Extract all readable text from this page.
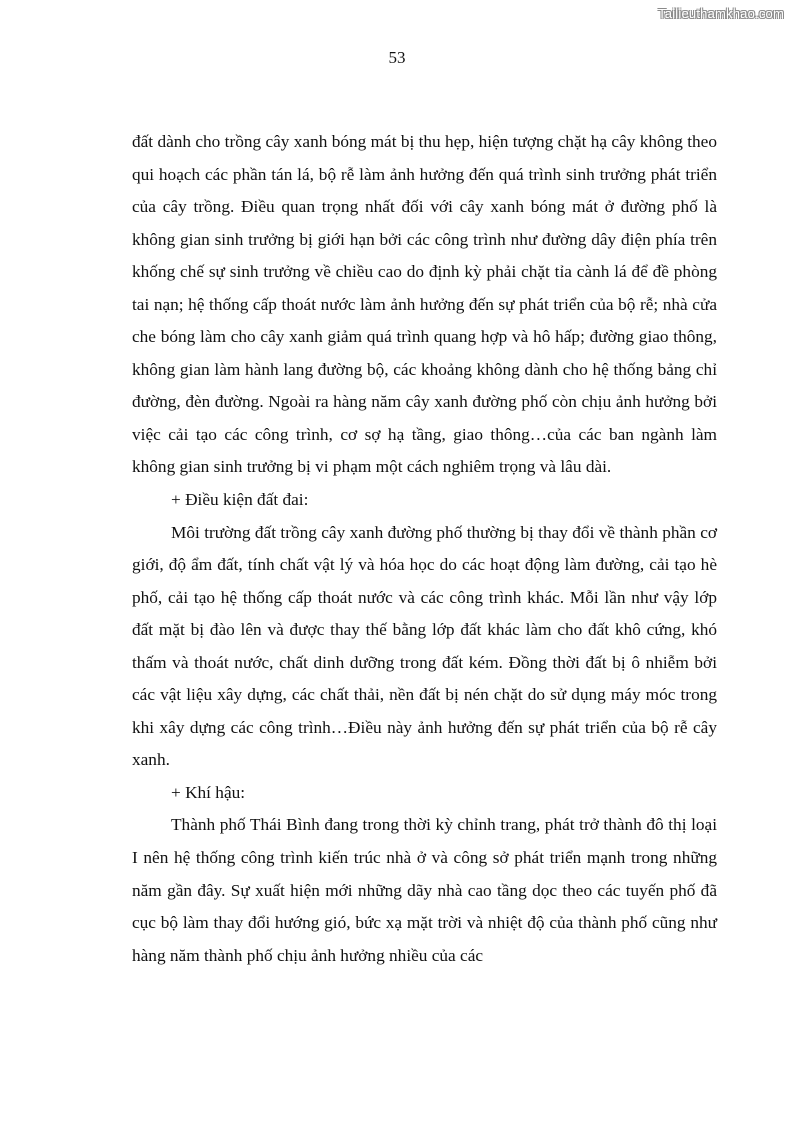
Tailieuthamkhao.com
53

đất dành cho trồng cây xanh bóng mát bị thu hẹp, hiện tượng chặt hạ cây không theo qui hoạch các phần tán lá, bộ rễ làm ảnh hưởng đến quá trình sinh trưởng phát triển của cây trồng. Điều quan trọng nhất đối với cây xanh bóng mát ở đường phố là không gian sinh trưởng bị giới hạn bởi các công trình như đường dây điện phía trên khống chế sự sinh trưởng về chiều cao do định kỳ phải chặt tỉa cành lá để đề phòng tai nạn; hệ thống cấp thoát nước làm ảnh hưởng đến sự phát triển của bộ rễ; nhà cửa che bóng làm cho cây xanh giảm quá trình quang hợp và hô hấp; đường giao thông, không gian làm hành lang đường bộ, các khoảng không dành cho hệ thống bảng chỉ đường, đèn đường. Ngoài ra hàng năm cây xanh đường phố còn chịu ảnh hưởng bởi việc cải tạo các công trình, cơ sợ hạ tầng, giao thông…của các ban ngành làm không gian sinh trưởng bị vi phạm một cách nghiêm trọng và lâu dài.

+ Điều kiện đất đai:

Môi trường đất trồng cây xanh đường phố thường bị thay đổi về thành phần cơ giới, độ ẩm đất, tính chất vật lý và hóa học do các hoạt động làm đường, cải tạo hè phố, cải tạo hệ thống cấp thoát nước và các công trình khác. Mỗi lần như vậy lớp đất mặt bị đào lên và được thay thế bằng lớp đất khác làm cho đất khô cứng, khó thấm và thoát nước, chất dinh dưỡng trong đất kém. Đồng thời đất bị ô nhiễm bởi các vật liệu xây dựng, các chất thải, nền đất bị nén chặt do sử dụng máy móc trong khi xây dựng các công trình…Điều này ảnh hưởng đến sự phát triển của bộ rễ cây xanh.

+ Khí hậu:

Thành phố Thái Bình đang trong thời kỳ chỉnh trang, phát trở thành đô thị loại I nên hệ thống công trình kiến trúc nhà ở và công sở phát triển mạnh trong những năm gần đây. Sự xuất hiện mới những dãy nhà cao tầng dọc theo các tuyến phố đã cục bộ làm thay đổi hướng gió, bức xạ mặt trời và nhiệt độ của thành phố cũng như hàng năm thành phố chịu ảnh hưởng nhiều của các
